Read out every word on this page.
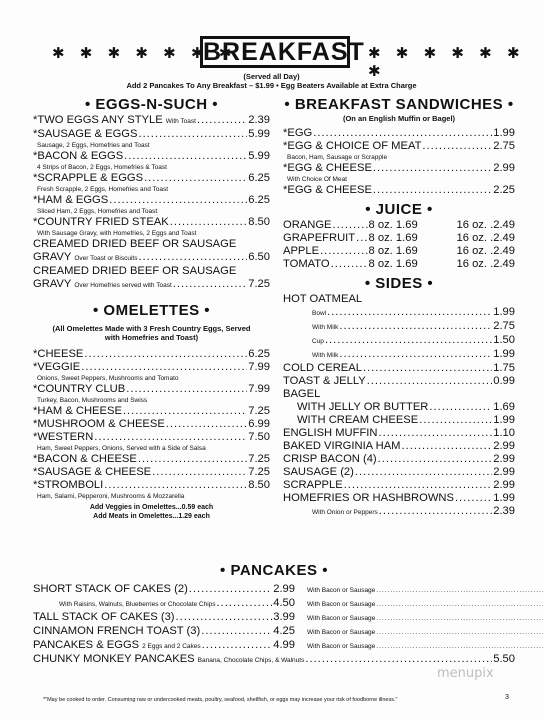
✱ ✱ ✱ ✱ ✱ ✱ ✱
BREAKFAST ✱ ✱ ✱ ✱ ✱ ✱ ✱
(Served all Day)
Add 2 Pancakes To Any Breakfast – $1.99 • Egg Beaters Available at Extra Charge
• EGGS-N-SUCH •
* TWO EGGS ANY STYLE With Toast .....	2.39
* SAUSAGE & EGGS .....	5.99
Sausage, 2 Eggs, Homefries and Toast
* BACON & EGGS .....	5.99
4 Strips of Bacon, 2 Eggs, Homefries & Toast
* SCRAPPLE & EGGS .....	6.25
Fresh Scrapple, 2 Eggs, Homefries and Toast
* HAM & EGGS .....	6.25
Sliced Ham, 2 Eggs, Homefries and Toast
* COUNTRY FRIED STEAK .....	8.50
With Sausage Gravy, with Homefries, 2 Eggs and Toast
CREAMED DRIED BEEF OR SAUSAGE
GRAVY Over Toast or Biscuits .....	6.50
CREAMED DRIED BEEF OR SAUSAGE
GRAVY Over Homefries served with Toast .....	7.25
• OMELETTES •
(All Omelettes Made with 3 Fresh Country Eggs, Served
with Homefries and Toast)
* CHEESE .....	6.25
* VEGGIE .....	7.99
Onions, Sweet Peppers, Mushrooms and Tomato
* COUNTRY CLUB .....	7.99
Turkey, Bacon, Mushrooms and Swiss
* HAM & CHEESE .....	7.25
* MUSHROOM & CHEESE .....	6.99
* WESTERN .....	7.50
Ham, Sweet Peppers, Onions, Served with a Side of Salsa
* BACON & CHEESE .....	7.25
* SAUSAGE & CHEESE .....	7.25
* STROMBOLI .....	8.50
Ham, Salami, Pepperoni, Mushrooms & Mozzarella
Add Veggies in Omelettes...0.59 each
Add Meats in Omelettes...1.29 each
• BREAKFAST SANDWICHES •
(On an English Muffin or Bagel)
* EGG .....	1.99
* EGG & CHOICE OF MEAT .....	2.75
Bacon, Ham, Sausage or Scrapple
* EGG & CHEESE .....	2.99
With Choice Of Meat
* EGG & CHEESE .....	2.25
• JUICE •
ORANGE .....	8 oz. 1.69	16 oz. .2.49
GRAPEFRUIT ..... 8 oz. 1.69	16 oz. .2.49
APPLE .....	8 oz. 1.69	16 oz. .2.49
TOMATO .....	8 oz. 1.69	16 oz. .2.49
• SIDES •
HOT OATMEAL
Bowl .....	1.99
With Milk .....	2.75
Cup .....	1.50
With Milk .....	1.99
COLD CEREAL .....	1.75
TOAST & JELLY .....	0.99
BAGEL
WITH JELLY OR BUTTER .....	1.69
WITH CREAM CHEESE .....	1.99
ENGLISH MUFFIN .....	1.10
BAKED VIRGINIA HAM .....	2.99
CRISP BACON (4) .....	2.99
SAUSAGE (2) .....	2.99
SCRAPPLE .....	2.99
HOMEFRIES OR HASHBROWNS .....	1.99
With Onion or Peppers .....	2.39
• PANCAKES •
SHORT STACK OF CAKES (2) .....	2.99	With Bacon or Sausage
.....
With Raisins, Walnuts, Blueberries or Chocolate Chips .....	4.50	With Bacon or Sausage
.....
TALL STACK OF CAKES (3) .....	3.99	With Bacon or Sausage
.....
CINNAMON FRENCH TOAST (3) .....	4.25	With Bacon or Sausage
.....
PANCAKES & EGGS 2 Eggs and 2 Cakes .....	4.99	With Bacon or Sausage
.....
CHUNKY MONKEY PANCAKES Banana, Chocolate Chips, & Walnuts .....	5.50
*"May be cooked to order. Consuming raw or undercooked meats, poultry, seafood, shellfish, or eggs may increase your risk of foodborne illness."	3
menupix
